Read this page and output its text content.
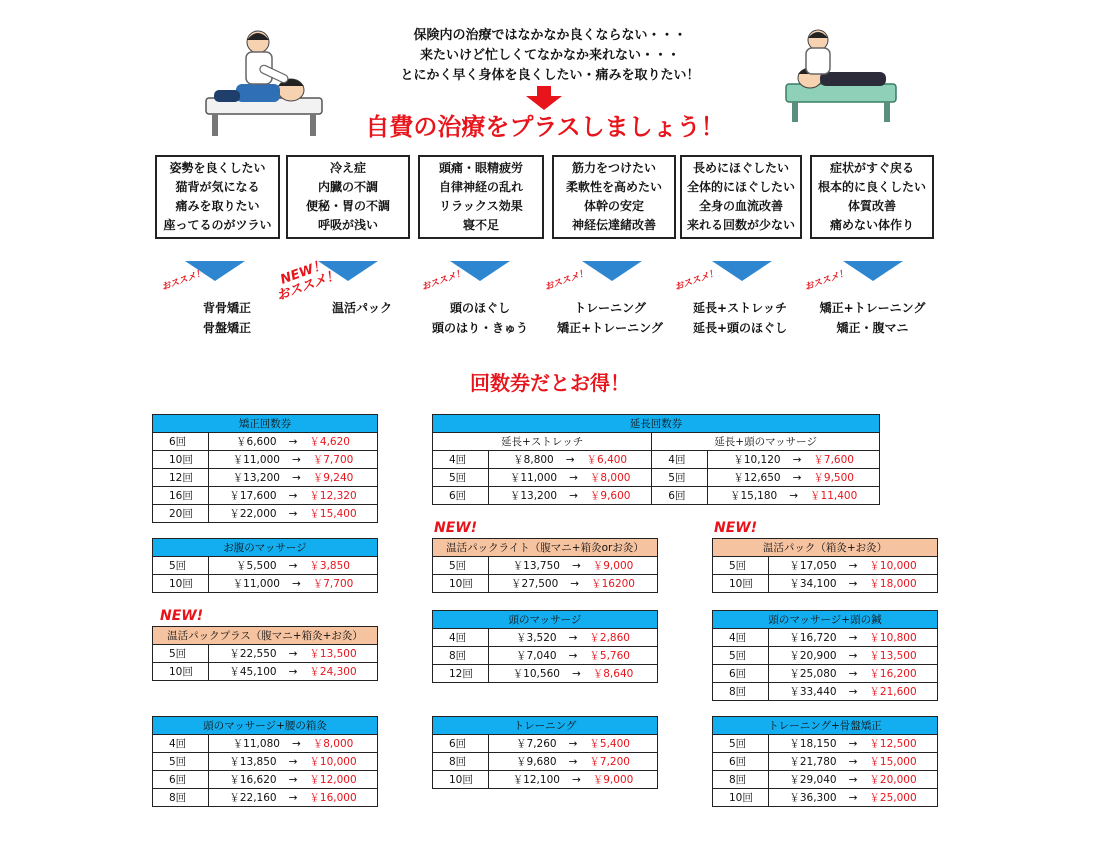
保険内の治療ではなかなか良くならない・・・
来たいけど忙しくてなかなか来れない・・・
とにかく早く身体を良くしたい・痛みを取りたい！
自費の治療をプラスしましょう！
姿勢を良くしたい
猫背が気になる
痛みを取りたい
座ってるのがツラい
冷え症
内臓の不調
便秘・胃の不調
呼吸が浅い
頭痛・眼精疲労
自律神経の乱れ
リラックス効果
寝不足
筋力をつけたい
柔軟性を高めたい
体幹の安定
神経伝達緒改善
長めにほぐしたい
全体的にほぐしたい
全身の血流改善
来れる回数が少ない
症状がすぐ戻る
根本的に良くしたい
体質改善
痛めない体作り
おススメ！
背骨矯正
骨盤矯正
NEW！
おススメ！
温活パック
おススメ！
頭のほぐし
頭のはり・きゅう
おススメ！
トレーニング
矯正+トレーニング
おススメ！
延長+ストレッチ
延長+頭のほぐし
おススメ！
矯正+トレーニング
矯正・腹マニ
回数券だとお得！
矯正回数券	
6回	￥6,600 → ￥4,620
10回	￥11,000 → ￥7,700
12回	￥13,200 → ￥9,240
16回	￥17,600 → ￥12,320
20回	￥22,000 → ￥15,400
延長回数券			
延長+ストレッチ		延長+頭のマッサージ	
4回	￥8,800 → ￥6,400	4回	￥10,120 → ￥7,600
5回	￥11,000 → ￥8,000	5回	￥12,650 → ￥9,500
6回	￥13,200 → ￥9,600	6回	￥15,180 → ￥11,400
お腹のマッサージ	
5回	￥5,500 → ￥3,850
10回	￥11,000 → ￥7,700
NEW!	NEW!
NEW!
温活パックライト（腹マニ+箱灸orお灸）	
5回	￥13,750 → ￥9,000
10回	￥27,500 → ￥16200
温活パック（箱灸+お灸）	
5回	￥17,050 → ￥10,000
10回	￥34,100 → ￥18,000
温活パックプラス（腹マニ+箱灸+お灸）	
5回	￥22,550 → ￥13,500
10回	￥45,100 → ￥24,300
頭のマッサージ	
4回	￥3,520 → ￥2,860
8回	￥7,040 → ￥5,760
12回	￥10,560 → ￥8,640
頭のマッサージ+頭の鍼	
4回	￥16,720 → ￥10,800
5回	￥20,900 → ￥13,500
6回	￥25,080 → ￥16,200
8回	￥33,440 → ￥21,600
頭のマッサージ+腰の箱灸	
4回	￥11,080 → ￥8,000
5回	￥13,850 → ￥10,000
6回	￥16,620 → ￥12,000
8回	￥22,160 → ￥16,000
トレーニング	
6回	￥7,260 → ￥5,400
8回	￥9,680 → ￥7,200
10回	￥12,100 → ￥9,000
トレーニング+骨盤矯正	
5回	￥18,150 → ￥12,500
6回	￥21,780 → ￥15,000
8回	￥29,040 → ￥20,000
10回	￥36,300 → ￥25,000
